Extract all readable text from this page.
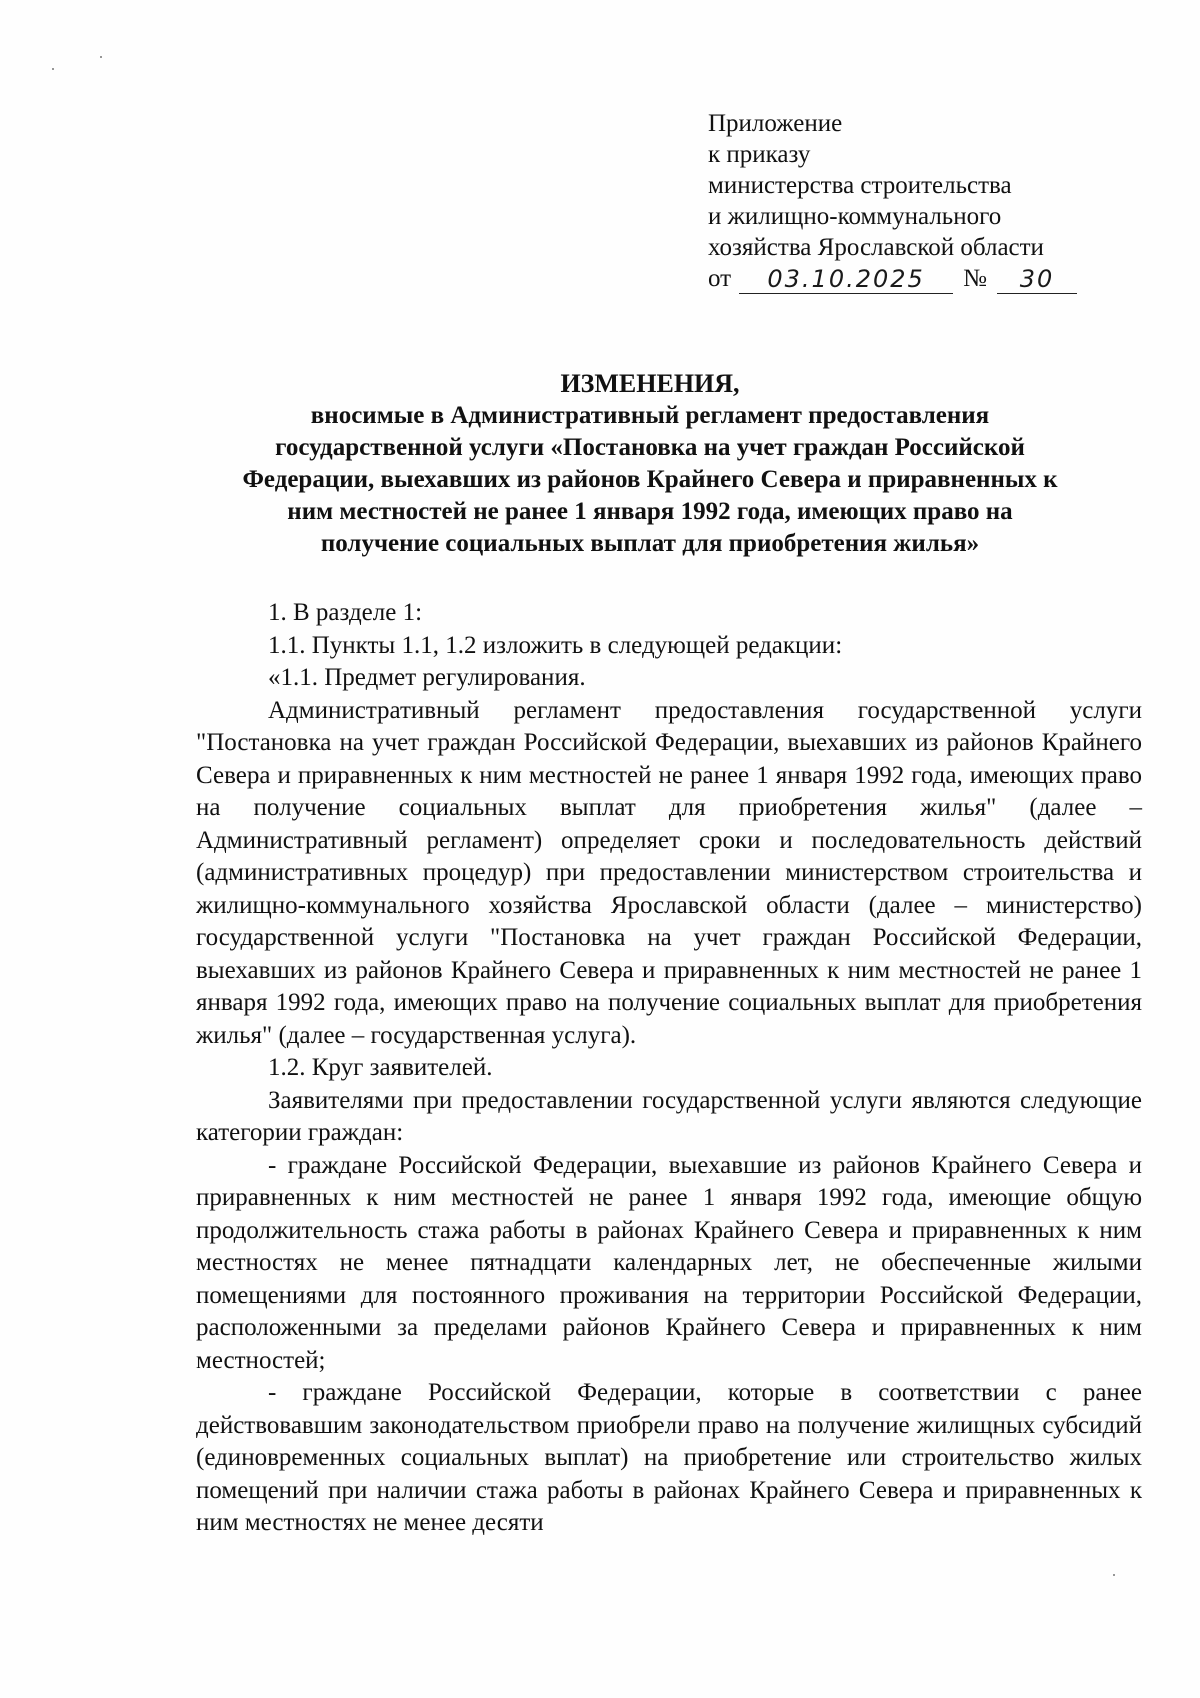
Приложение
к приказу
министерства строительства
и жилищно-коммунального
хозяйства Ярославской области
от	03.10.2025	№	30
ИЗМЕНЕНИЯ,
вносимые в Административный регламент предоставления
государственной услуги «Постановка на учет граждан Российской
Федерации, выехавших из районов Крайнего Севера и приравненных к
ним местностей не ранее 1 января 1992 года, имеющих право на
получение социальных выплат для приобретения жилья»

1. В разделе 1:

1.1. Пункты 1.1, 1.2 изложить в следующей редакции:

«1.1. Предмет регулирования.

Административный регламент предоставления государственной услуги "Постановка на учет граждан Российской Федерации, выехавших из районов Крайнего Севера и приравненных к ним местностей не ранее 1 января 1992 года, имеющих право на получение социальных выплат для приобретения жилья" (далее – Административный регламент) определяет сроки и последовательность действий (административных процедур) при предоставлении министерством строительства и жилищно-коммунального хозяйства Ярославской области (далее – министерство) государственной услуги "Постановка на учет граждан Российской Федерации, выехавших из районов Крайнего Севера и приравненных к ним местностей не ранее 1 января 1992 года, имеющих право на получение социальных выплат для приобретения жилья" (далее – государственная услуга).

1.2. Круг заявителей.

Заявителями при предоставлении государственной услуги являются следующие категории граждан:

- граждане Российской Федерации, выехавшие из районов Крайнего Севера и приравненных к ним местностей не ранее 1 января 1992 года, имеющие общую продолжительность стажа работы в районах Крайнего Севера и приравненных к ним местностях не менее пятнадцати календарных лет, не обеспеченные жилыми помещениями для постоянного проживания на территории Российской Федерации, расположенными за пределами районов Крайнего Севера и приравненных к ним местностей;

- граждане Российской Федерации, которые в соответствии с ранее действовавшим законодательством приобрели право на получение жилищных субсидий (единовременных социальных выплат) на приобретение или строительство жилых помещений при наличии стажа работы в районах Крайнего Севера и приравненных к ним местностях не менее десяти
